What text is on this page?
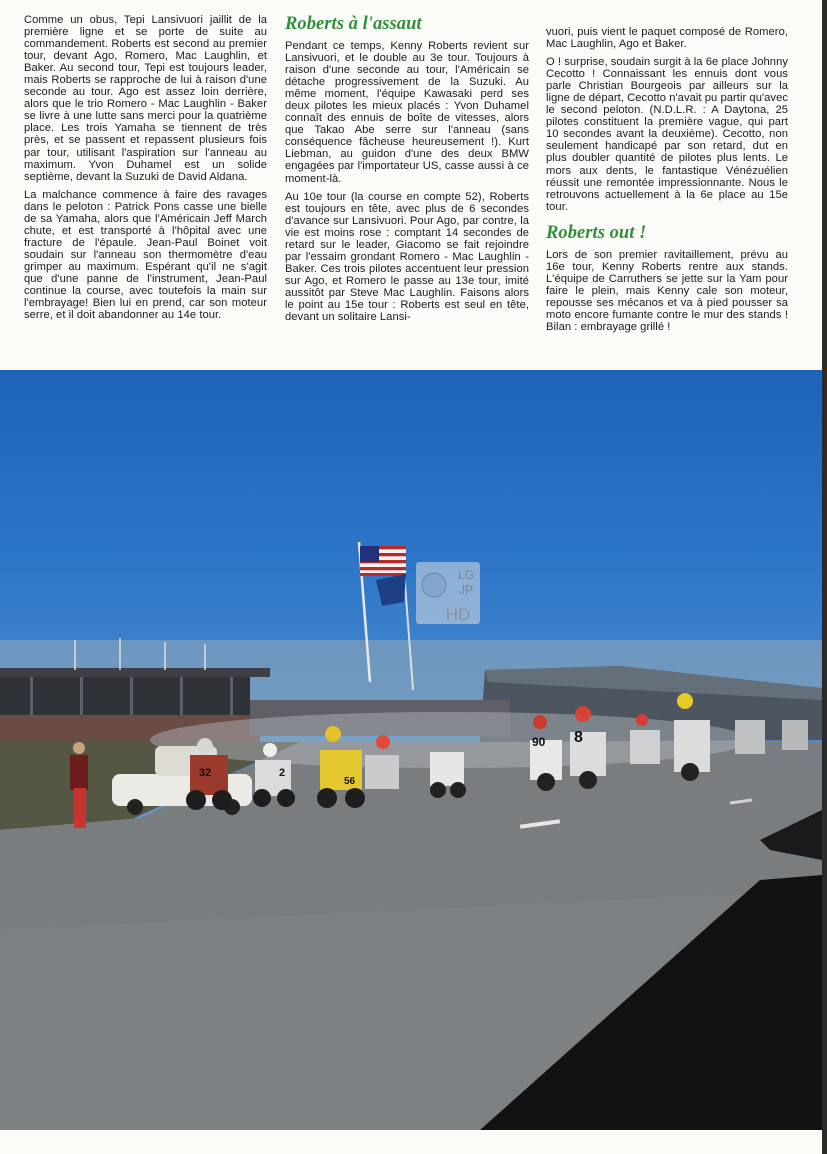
Comme un obus, Tepi Lansivuori jaillit de la première ligne et se porte de suite au commandement. Roberts est second au premier tour, devant Ago, Romero, Mac Laughlin, et Baker. Au second tour, Tepi est toujours leader, mais Roberts se rapproche de lui à raison d'une seconde au tour. Ago est assez loin derrière, alors que le trio Romero - Mac Laughlin - Baker se livre à une lutte sans merci pour la quatrième place. Les trois Yamaha se tiennent de très près, et se passent et repassent plusieurs fois par tour, utilisant l'aspiration sur l'anneau au maximum. Yvon Duhamel est un solide septième, devant la Suzuki de David Aldana.

La malchance commence à faire des ravages dans le peloton : Patrick Pons casse une bielle de sa Yamaha, alors que l'Américain Jeff March chute, et est transporté à l'hôpital avec une fracture de l'épaule. Jean-Paul Boinet voit soudain sur l'anneau son thermomètre d'eau grimper au maximum. Espérant qu'il ne s'agit que d'une panne de l'instrument, Jean-Paul continue la course, avec toutefois la main sur l'embrayage! Bien lui en prend, car son moteur serre, et il doit abandonner au 14e tour.

Roberts à l'assaut

Pendant ce temps, Kenny Roberts revient sur Lansivuori, et le double au 3e tour. Toujours à raison d'une seconde au tour, l'Américain se détache progressivement de la Suzuki. Au même moment, l'équipe Kawasaki perd ses deux pilotes les mieux placés : Yvon Duhamel connaît des ennuis de boîte de vitesses, alors que Takao Abe serre sur l'anneau (sans conséquence fâcheuse heureusement !). Kurt Liebman, au guidon d'une des deux BMW engagées par l'importateur US, casse aussi à ce moment-là.

Au 10e tour (la course en compte 52), Roberts est toujours en tête, avec plus de 6 secondes d'avance sur Lansivuori. Pour Ago, par contre, la vie est moins rose : comptant 14 secondes de retard sur le leader, Giacomo se fait rejoindre par l'essaim grondant Romero - Mac Laughlin - Baker. Ces trois pilotes accentuent leur pression sur Ago, et Romero le passe au 13e tour, imité aussitôt par Steve Mac Laughlin. Faisons alors le point au 15e tour : Roberts est seul en tête, devant un solitaire Lansi-

vuori, puis vient le paquet composé de Romero, Mac Laughlin, Ago et Baker.

O ! surprise, soudain surgit à la 6e place Johnny Cecotto ! Connaissant les ennuis dont vous parle Christian Bourgeois par ailleurs sur la ligne de départ, Cecotto n'avait pu partir qu'avec le second peloton. (N.D.L.R. : A Daytona, 25 pilotes constituent la première vague, qui part 10 secondes avant la deuxième). Cecotto, non seulement handicapé par son retard, dut en plus doubler quantité de pilotes plus lents. Le mors aux dents, le fantastique Vénézuélien réussit une remontée impressionnante. Nous le retrouvons actuellement à la 6e place au 15e tour.

Roberts out !

Lors de son premier ravitaillement, prévu au 16e tour, Kenny Roberts rentre aux stands. L'équipe de Carruthers se jette sur la Yam pour faire le plein, mais Kenny cale son moteur, repousse ses mécanos et va à pied pousser sa moto encore fumante contre le mur des stands ! Bilan : embrayage grillé !

LG
JP
HD
32	2
90 8
56
